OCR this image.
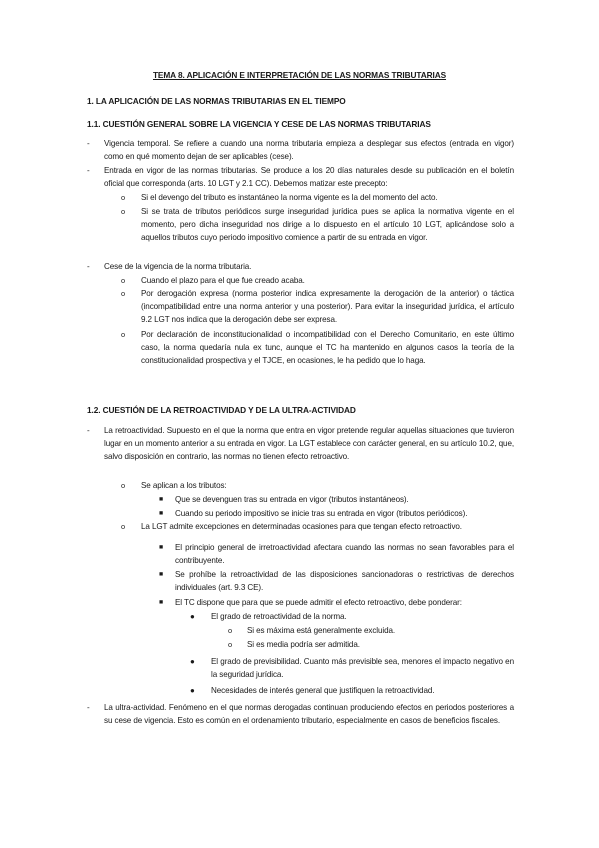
TEMA 8. APLICACIÓN E INTERPRETACIÓN DE LAS NORMAS TRIBUTARIAS
1. LA APLICACIÓN DE LAS NORMAS TRIBUTARIAS EN EL TIEMPO
1.1. CUESTIÓN GENERAL SOBRE LA VIGENCIA Y CESE DE LAS NORMAS TRIBUTARIAS
- Vigencia temporal. Se refiere a cuando una norma tributaria empieza a desplegar sus efectos (entrada en vigor) como en qué momento dejan de ser aplicables (cese).
- Entrada en vigor de las normas tributarias. Se produce a los 20 días naturales desde su publicación en el boletín oficial que corresponda (arts. 10 LGT y 2.1 CC). Debemos matizar este precepto:
o Si el devengo del tributo es instantáneo la norma vigente es la del momento del acto.
o Si se trata de tributos periódicos surge inseguridad jurídica pues se aplica la normativa vigente en el momento, pero dicha inseguridad nos dirige a lo dispuesto en el artículo 10 LGT, aplicándose solo a aquellos tributos cuyo periodo impositivo comience a partir de su entrada en vigor.
- Cese de la vigencia de la norma tributaria.
o Cuando el plazo para el que fue creado acaba.
o Por derogación expresa (norma posterior indica expresamente la derogación de la anterior) o táctica (incompatibilidad entre una norma anterior y una posterior). Para evitar la inseguridad jurídica, el artículo 9.2 LGT nos indica que la derogación debe ser expresa.
o Por declaración de inconstitucionalidad o incompatibilidad con el Derecho Comunitario, en este último caso, la norma quedaría nula ex tunc, aunque el TC ha mantenido en algunos casos la teoría de la constitucionalidad prospectiva y el TJCE, en ocasiones, le ha pedido que lo haga.
1.2. CUESTIÓN DE LA RETROACTIVIDAD Y DE LA ULTRA-ACTIVIDAD
- La retroactividad. Supuesto en el que la norma que entra en vigor pretende regular aquellas situaciones que tuvieron lugar en un momento anterior a su entrada en vigor. La LGT establece con carácter general, en su artículo 10.2, que, salvo disposición en contrario, las normas no tienen efecto retroactivo.
o Se aplican a los tributos:
■ Que se devenguen tras su entrada en vigor (tributos instantáneos).
■ Cuando su periodo impositivo se inicie tras su entrada en vigor (tributos periódicos).
o La LGT admite excepciones en determinadas ocasiones para que tengan efecto retroactivo.
■ El principio general de irretroactividad afectara cuando las normas no sean favorables para el contribuyente.
■ Se prohíbe la retroactividad de las disposiciones sancionadoras o restrictivas de derechos individuales (art. 9.3 CE).
■ El TC dispone que para que se puede admitir el efecto retroactivo, debe ponderar:
● El grado de retroactividad de la norma.
o Si es máxima está generalmente excluida.
o Si es media podría ser admitida.
● El grado de previsibilidad. Cuanto más previsible sea, menores el impacto negativo en la seguridad jurídica.
● Necesidades de interés general que justifiquen la retroactividad.
- La ultra-actividad. Fenómeno en el que normas derogadas continuan produciendo efectos en periodos posteriores a su cese de vigencia. Esto es común en el ordenamiento tributario, especialmente en casos de beneficios fiscales.
